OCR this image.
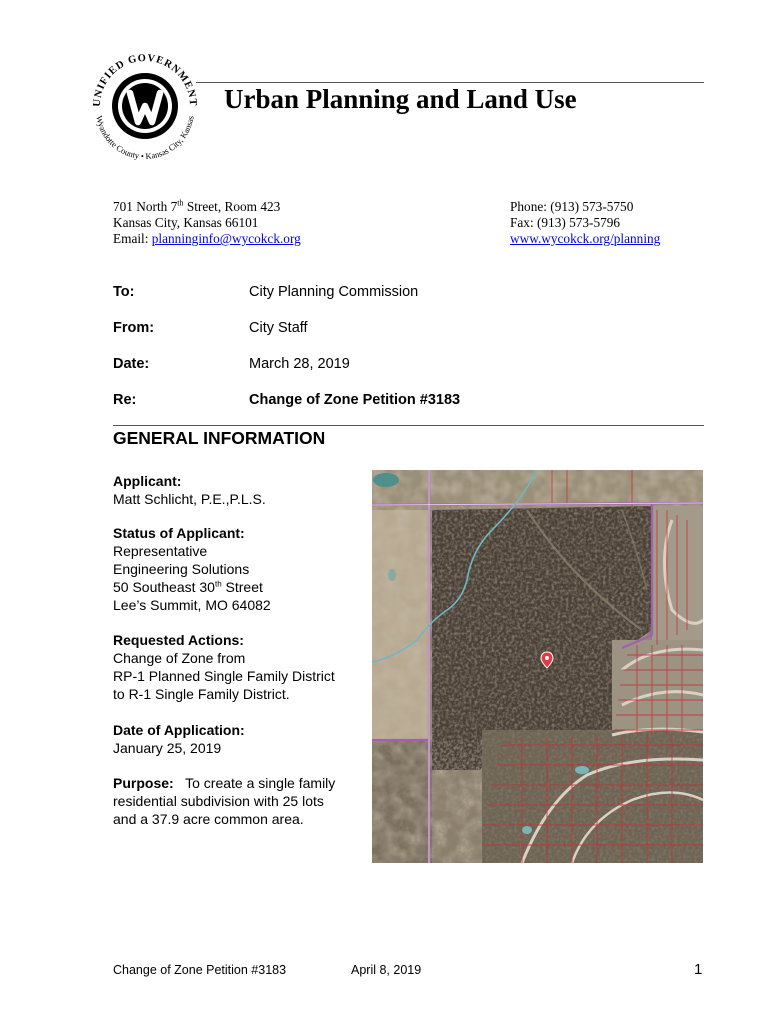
UNIFIED GOVERNMENT
Wyandotte County • Kansas City, Kansas
Urban Planning and Land Use
701 North 7th Street, Room 423
Kansas City, Kansas 66101
Email: planninginfo@wycokck.org
Phone: (913) 573-5750
Fax: (913) 573-5796
www.wycokck.org/planning
To:	City Planning Commission
From:	City Staff
Date:	March 28, 2019
Re:	Change of Zone Petition #3183
GENERAL INFORMATION
Applicant:
Matt Schlicht, P.E.,P.L.S.
Status of Applicant:
Representative
Engineering Solutions
50 Southeast 30th Street
Lee’s Summit, MO 64082
Requested Actions:
Change of Zone from
RP-1 Planned Single Family District
to R-1 Single Family District.
Date of Application:
January 25, 2019
Purpose: To create a single family
residential subdivision with 25 lots
and a 37.9 acre common area.
Change of Zone Petition #3183	April 8, 2019	1
